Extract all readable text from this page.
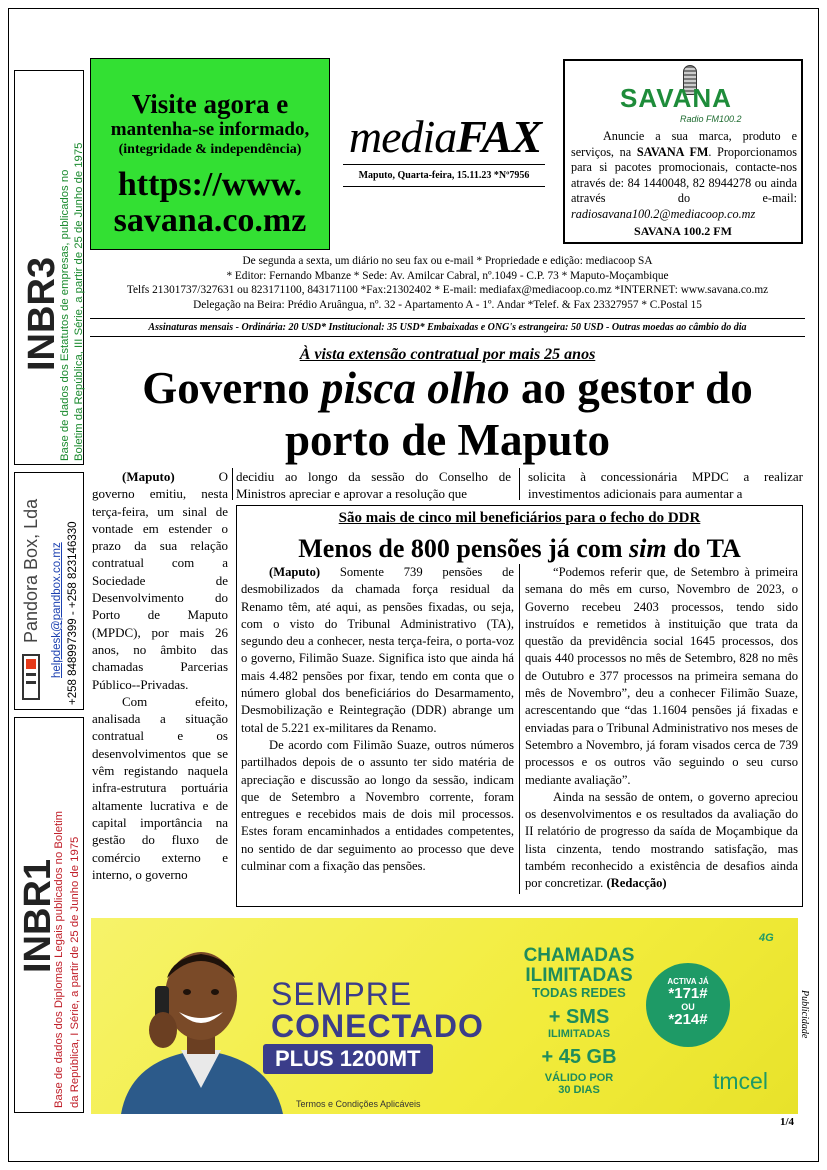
INBR3
Base de dados dos Estatutos de empresas, publicados no Boletim da República, III Série, a partir de 25 de Junho de 1975
Pandora Box, Lda helpdesk@pandbox.co.mz +258 848997399 - +258 823146330
INBR1
Base de dados dos Diplomas Legais publicados no Boletim da República, I Série, a partir de 25 de Junho de 1975
Visite agora e
mantenha-se informado,
(integridade & independência)
https://www.
savana.co.mz
mediaFAX
Maputo, Quarta-feira, 15.11.23 *Nº7956
SAVANA
Radio FM100.2

Anuncie a sua marca, produto e serviços, na SAVANA FM. Proporcionamos para si pacotes promocionais, contacte-nos através de: 84 1440048, 82 8944278 ou ainda através do e-mail: radiosavana100.2@mediacoop.co.mz

SAVANA 100.2 FM
De segunda a sexta, um diário no seu fax ou e-mail * Propriedade e edição: mediacoop SA
* Editor: Fernando Mbanze * Sede: Av. Amilcar Cabral, nº.1049 - C.P. 73 * Maputo-Moçambique
Telfs 21301737/327631 ou 823171100, 843171100 *Fax:21302402 * E-mail: mediafax@mediacoop.co.mz *INTERNET: www.savana.co.mz
Delegação na Beira: Prédio Aruângua, nº. 32 - Apartamento A - 1º. Andar *Telef. & Fax 23327957 * C.Postal 15
Assinaturas mensais - Ordinária: 20 USD* Institucional: 35 USD* Embaixadas e ONG's estrangeira: 50 USD - Outras moedas ao câmbio do dia
À vista extensão contratual por mais 25 anos
Governo pisca olho ao gestor do
porto de Maputo

(Maputo) O governo emitiu, nesta terça-feira, um sinal de vontade em estender o prazo da sua relação contratual com a Sociedade de Desenvolvimento do Porto de Maputo (MPDC), por mais 26 anos, no âmbito das chamadas Parcerias Público--Privadas.

Com efeito, analisada a situação contratual e os desenvolvimentos que se vêm registando naquela infra-estrutura portuária altamente lucrativa e de capital importância na gestão do fluxo de comércio externo e interno, o governo

decidiu ao longo da sessão do Conselho de Ministros apreciar e aprovar a resolução que
solicita à concessionária MPDC a realizar investimentos adicionais para aumentar a
São mais de cinco mil beneficiários para o fecho do DDR
Menos de 800 pensões já com sim do TA

(Maputo) Somente 739 pensões de desmobilizados da chamada força residual da Renamo têm, até aqui, as pensões fixadas, ou seja, com o visto do Tribunal Administrativo (TA), segundo deu a conhecer, nesta terça-feira, o porta-voz o governo, Filimão Suaze. Significa isto que ainda há mais 4.482 pensões por fixar, tendo em conta que o número global dos beneficiários do Desarmamento, Desmobilização e Reintegração (DDR) abrange um total de 5.221 ex-militares da Renamo.

De acordo com Filimão Suaze, outros números partilhados depois de o assunto ter sido matéria de apreciação e discussão ao longo da sessão, indicam que de Setembro a Novembro corrente, foram entregues e recebidos mais de dois mil processos. Estes foram encaminhados a entidades competentes, no sentido de dar seguimento ao processo que deve culminar com a fixação das pensões.

“Podemos referir que, de Setembro à primeira semana do mês em curso, Novembro de 2023, o Governo recebeu 2403 processos, tendo sido instruídos e remetidos à instituição que trata da questão da previdência social 1645 processos, dos quais 440 processos no mês de Setembro, 828 no mês de Outubro e 377 processos na primeira semana do mês de Novembro”, deu a conhecer Filimão Suaze, acrescentando que “das 1.1604 pensões já fixadas e enviadas para o Tribunal Administrativo nos meses de Setembro a Novembro, já foram visados cerca de 739 processos e os outros vão seguindo o seu curso mediante avaliação”.

Ainda na sessão de ontem, o governo apreciou os desenvolvimentos e os resultados da avaliação do II relatório de progresso da saída de Moçambique da lista cinzenta, tendo mostrando satisfação, mas também reconhecido a existência de desafios ainda por concretizar. (Redacção)

SEMPRE
CONECTADO
PLUS 1200MT
Termos e Condições Aplicáveis
CHAMADAS
ILIMITADAS
TODAS REDES
+ SMS
ILIMITADAS
+ 45 GB
VÁLIDO POR
30 DIAS
ACTIVA JÁ
*171#
OU
*214#
4G
tmcel
Publicidade
1/4
